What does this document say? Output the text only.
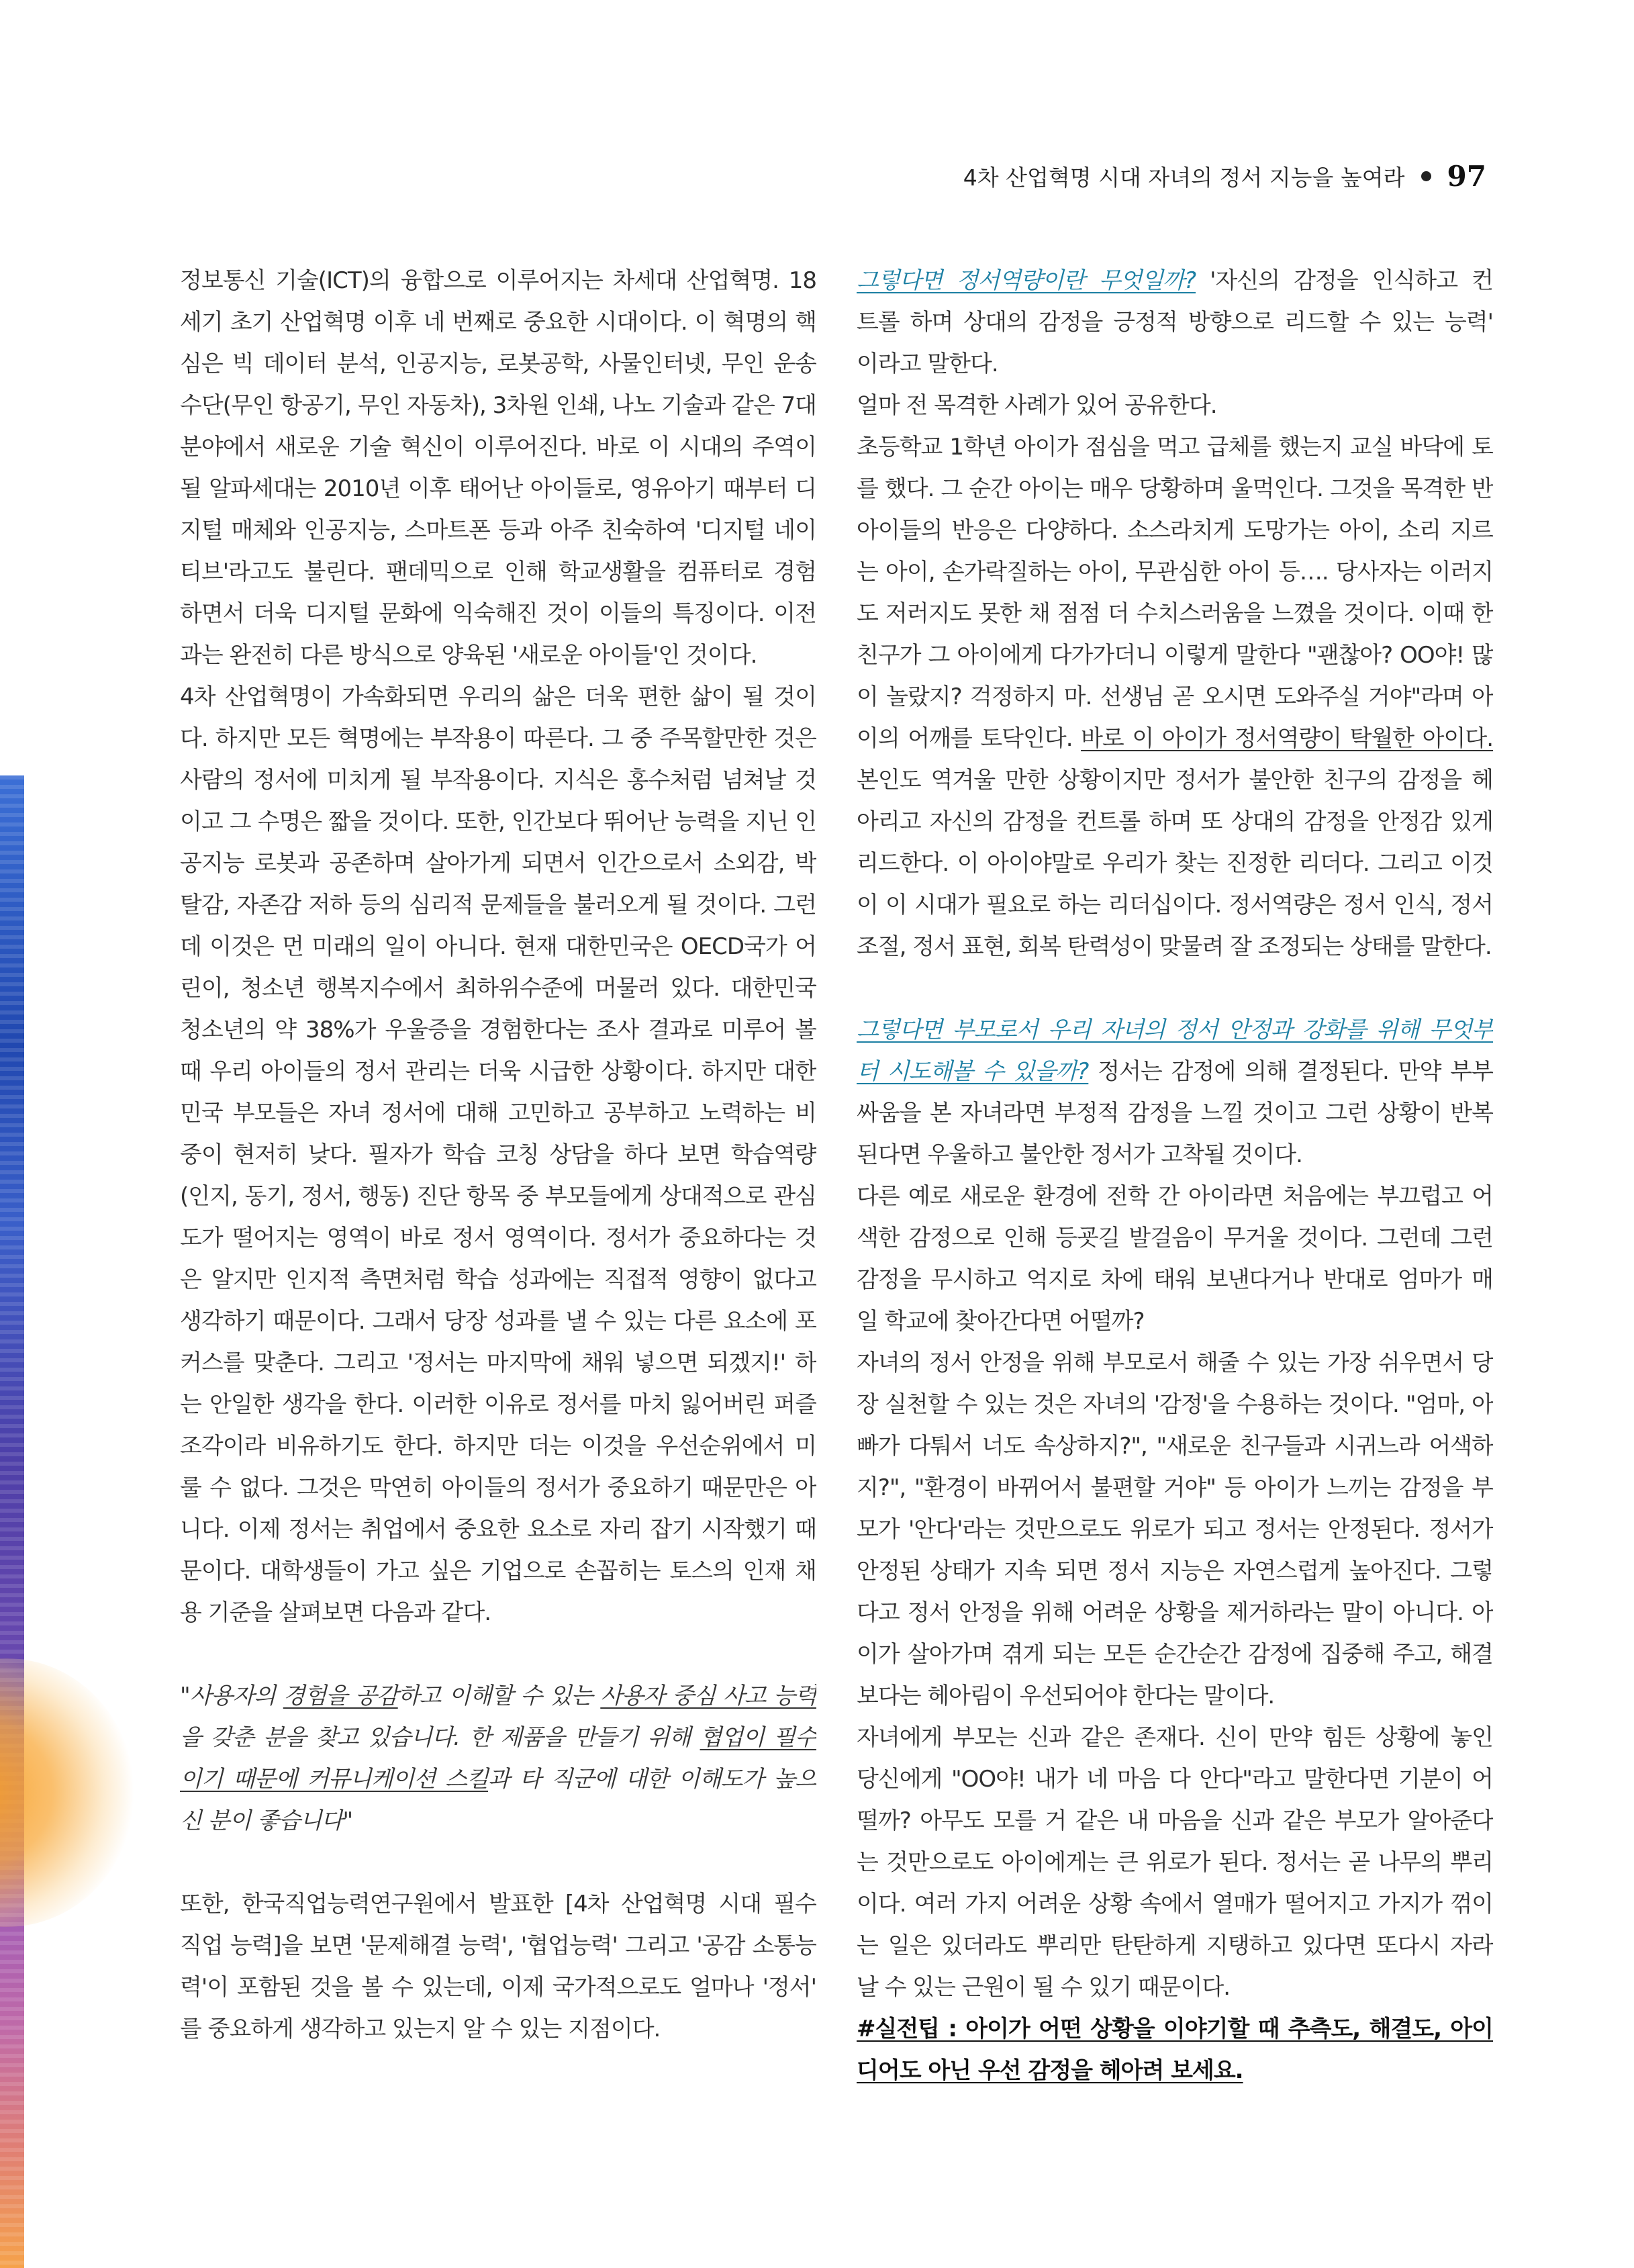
4차 산업혁명 시대 자녀의 정서 지능을 높여라 97
정보통신 기술(ICT)의 융합으로 이루어지는 차세대 산업혁명. 18
세기 초기 산업혁명 이후 네 번째로 중요한 시대이다. 이 혁명의 핵
심은 빅 데이터 분석, 인공지능, 로봇공학, 사물인터넷, 무인 운송
수단(무인 항공기, 무인 자동차), 3차원 인쇄, 나노 기술과 같은 7대
분야에서 새로운 기술 혁신이 이루어진다. 바로 이 시대의 주역이
될 알파세대는 2010년 이후 태어난 아이들로, 영유아기 때부터 디
지털 매체와 인공지능, 스마트폰 등과 아주 친숙하여 '디지털 네이
티브'라고도 불린다. 팬데믹으로 인해 학교생활을 컴퓨터로 경험
하면서 더욱 디지털 문화에 익숙해진 것이 이들의 특징이다. 이전
과는 완전히 다른 방식으로 양육된 '새로운 아이들'인 것이다.
4차 산업혁명이 가속화되면 우리의 삶은 더욱 편한 삶이 될 것이
다. 하지만 모든 혁명에는 부작용이 따른다. 그 중 주목할만한 것은
사람의 정서에 미치게 될 부작용이다. 지식은 홍수처럼 넘쳐날 것
이고 그 수명은 짧을 것이다. 또한, 인간보다 뛰어난 능력을 지닌 인
공지능 로봇과 공존하며 살아가게 되면서 인간으로서 소외감, 박
탈감, 자존감 저하 등의 심리적 문제들을 불러오게 될 것이다. 그런
데 이것은 먼 미래의 일이 아니다. 현재 대한민국은 OECD국가 어
린이, 청소년 행복지수에서 최하위수준에 머물러 있다. 대한민국
청소년의 약 38%가 우울증을 경험한다는 조사 결과로 미루어 볼
때 우리 아이들의 정서 관리는 더욱 시급한 상황이다. 하지만 대한
민국 부모들은 자녀 정서에 대해 고민하고 공부하고 노력하는 비
중이 현저히 낮다. 필자가 학습 코칭 상담을 하다 보면 학습역량
(인지, 동기, 정서, 행동) 진단 항목 중 부모들에게 상대적으로 관심
도가 떨어지는 영역이 바로 정서 영역이다. 정서가 중요하다는 것
은 알지만 인지적 측면처럼 학습 성과에는 직접적 영향이 없다고
생각하기 때문이다. 그래서 당장 성과를 낼 수 있는 다른 요소에 포
커스를 맞춘다. 그리고 '정서는 마지막에 채워 넣으면 되겠지!' 하
는 안일한 생각을 한다. 이러한 이유로 정서를 마치 잃어버린 퍼즐
조각이라 비유하기도 한다. 하지만 더는 이것을 우선순위에서 미
룰 수 없다. 그것은 막연히 아이들의 정서가 중요하기 때문만은 아
니다. 이제 정서는 취업에서 중요한 요소로 자리 잡기 시작했기 때
문이다. 대학생들이 가고 싶은 기업으로 손꼽히는 토스의 인재 채
용 기준을 살펴보면 다음과 같다.
"사용자의 경험을 공감하고 이해할 수 있는 사용자 중심 사고 능력
을 갖춘 분을 찾고 있습니다. 한 제품을 만들기 위해 협업이 필수
이기 때문에 커뮤니케이션 스킬과 타 직군에 대한 이해도가 높으
신 분이 좋습니다"
또한, 한국직업능력연구원에서 발표한 [4차 산업혁명 시대 필수
직업 능력]을 보면 '문제해결 능력', '협업능력' 그리고 '공감 소통능
력'이 포함된 것을 볼 수 있는데, 이제 국가적으로도 얼마나 '정서'
를 중요하게 생각하고 있는지 알 수 있는 지점이다.
그렇다면 정서역량이란 무엇일까? '자신의 감정을 인식하고 컨
트롤 하며 상대의 감정을 긍정적 방향으로 리드할 수 있는 능력'
이라고 말한다.
얼마 전 목격한 사례가 있어 공유한다.
초등학교 1학년 아이가 점심을 먹고 급체를 했는지 교실 바닥에 토
를 했다. 그 순간 아이는 매우 당황하며 울먹인다. 그것을 목격한 반
아이들의 반응은 다양하다. 소스라치게 도망가는 아이, 소리 지르
는 아이, 손가락질하는 아이, 무관심한 아이 등…. 당사자는 이러지
도 저러지도 못한 채 점점 더 수치스러움을 느꼈을 것이다. 이때 한
친구가 그 아이에게 다가가더니 이렇게 말한다 "괜찮아? OO야! 많
이 놀랐지? 걱정하지 마. 선생님 곧 오시면 도와주실 거야"라며 아
이의 어깨를 토닥인다. 바로 이 아이가 정서역량이 탁월한 아이다.
본인도 역겨울 만한 상황이지만 정서가 불안한 친구의 감정을 헤
아리고 자신의 감정을 컨트롤 하며 또 상대의 감정을 안정감 있게
리드한다. 이 아이야말로 우리가 찾는 진정한 리더다. 그리고 이것
이 이 시대가 필요로 하는 리더십이다. 정서역량은 정서 인식, 정서
조절, 정서 표현, 회복 탄력성이 맞물려 잘 조정되는 상태를 말한다.
그렇다면 부모로서 우리 자녀의 정서 안정과 강화를 위해 무엇부
터 시도해볼 수 있을까? 정서는 감정에 의해 결정된다. 만약 부부
싸움을 본 자녀라면 부정적 감정을 느낄 것이고 그런 상황이 반복
된다면 우울하고 불안한 정서가 고착될 것이다.
다른 예로 새로운 환경에 전학 간 아이라면 처음에는 부끄럽고 어
색한 감정으로 인해 등굣길 발걸음이 무거울 것이다. 그런데 그런
감정을 무시하고 억지로 차에 태워 보낸다거나 반대로 엄마가 매
일 학교에 찾아간다면 어떨까?
자녀의 정서 안정을 위해 부모로서 해줄 수 있는 가장 쉬우면서 당
장 실천할 수 있는 것은 자녀의 '감정'을 수용하는 것이다. "엄마, 아
빠가 다퉈서 너도 속상하지?", "새로운 친구들과 시귀느라 어색하
지?", "환경이 바뀌어서 불편할 거야" 등 아이가 느끼는 감정을 부
모가 '안다'라는 것만으로도 위로가 되고 정서는 안정된다. 정서가
안정된 상태가 지속 되면 정서 지능은 자연스럽게 높아진다. 그렇
다고 정서 안정을 위해 어려운 상황을 제거하라는 말이 아니다. 아
이가 살아가며 겪게 되는 모든 순간순간 감정에 집중해 주고, 해결
보다는 헤아림이 우선되어야 한다는 말이다.
자녀에게 부모는 신과 같은 존재다. 신이 만약 힘든 상황에 놓인
당신에게 "OO야! 내가 네 마음 다 안다"라고 말한다면 기분이 어
떨까? 아무도 모를 거 같은 내 마음을 신과 같은 부모가 알아준다
는 것만으로도 아이에게는 큰 위로가 된다. 정서는 곧 나무의 뿌리
이다. 여러 가지 어려운 상황 속에서 열매가 떨어지고 가지가 꺾이
는 일은 있더라도 뿌리만 탄탄하게 지탱하고 있다면 또다시 자라
날 수 있는 근원이 될 수 있기 때문이다.
#실전팁 : 아이가 어떤 상황을 이야기할 때 추측도, 해결도, 아이
디어도 아닌 우선 감정을 헤아려 보세요.
